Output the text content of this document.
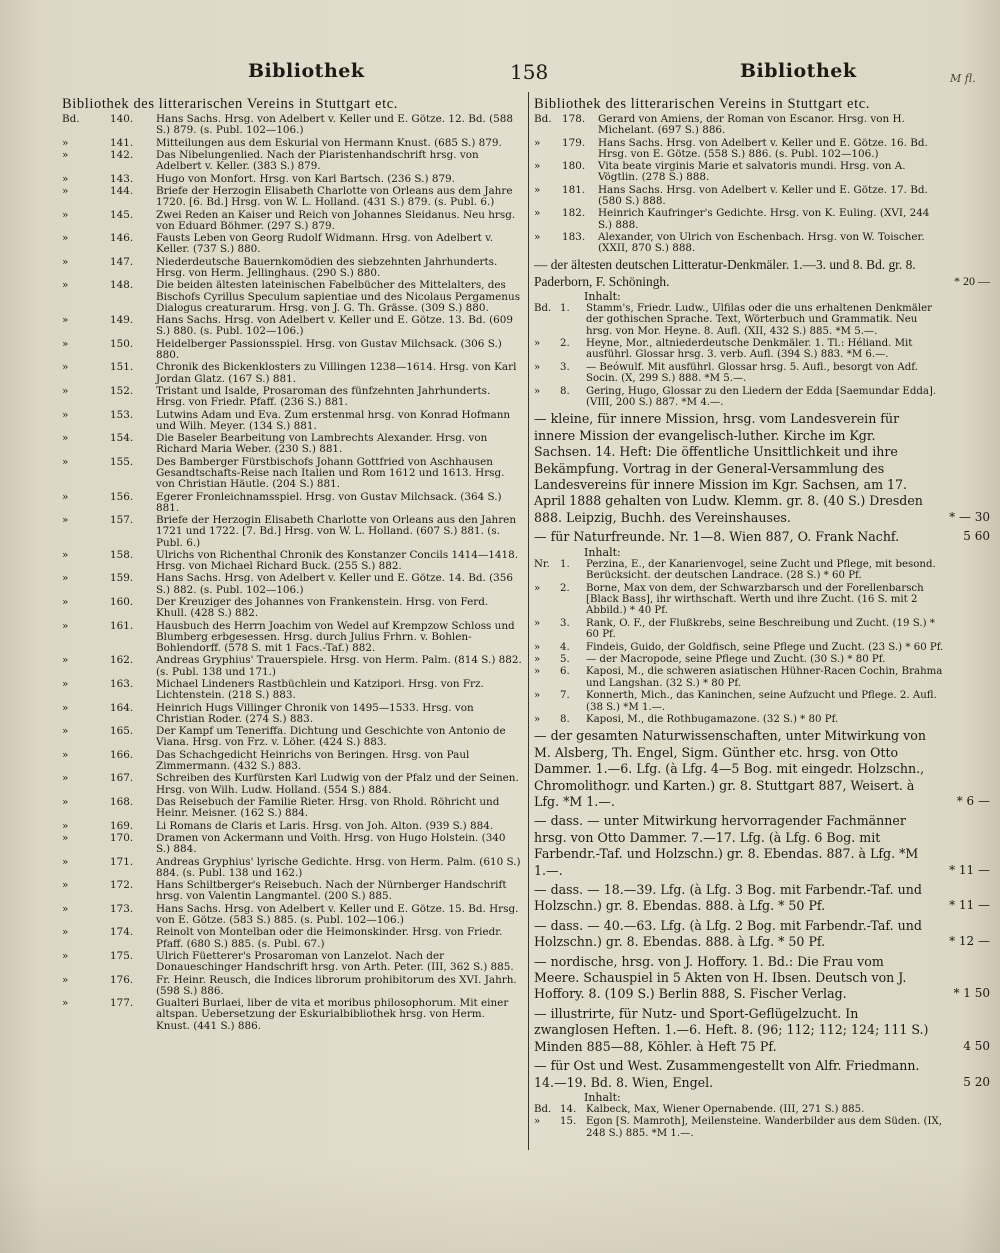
Bibliothek	158	Bibliothek	M fl.
Bibliothek des litterarischen Vereins in Stuttgart etc.
Bd.	140.	Hans Sachs. Hrsg. von Adelbert v. Keller und E. Götze. 12. Bd. (588 S.) 879. (s. Publ. 102—106.)
»	141.	Mitteilungen aus dem Eskurial von Hermann Knust. (685 S.) 879.
»	142.	Das Nibelungenlied. Nach der Piaristenhandschrift hrsg. von Adelbert v. Keller. (383 S.) 879.
»	143.	Hugo von Monfort. Hrsg. von Karl Bartsch. (236 S.) 879.
»	144.	Briefe der Herzogin Elisabeth Charlotte von Orleans aus dem Jahre 1720. [6. Bd.] Hrsg. von W. L. Holland. (431 S.) 879. (s. Publ. 6.)
»	145.	Zwei Reden an Kaiser und Reich von Johannes Sleidanus. Neu hrsg. von Eduard Böhmer. (297 S.) 879.
»	146.	Fausts Leben von Georg Rudolf Widmann. Hrsg. von Adelbert v. Keller. (737 S.) 880.
»	147.	Niederdeutsche Bauernkomödien des siebzehnten Jahrhunderts. Hrsg. von Herm. Jellinghaus. (290 S.) 880.
»	148.	Die beiden ältesten lateinischen Fabelbücher des Mittelalters, des Bischofs Cyrillus Speculum sapientiae und des Nicolaus Pergamenus Dialogus creaturarum. Hrsg. von J. G. Th. Grässe. (309 S.) 880.
»	149.	Hans Sachs. Hrsg. von Adelbert v. Keller und E. Götze. 13. Bd. (609 S.) 880. (s. Publ. 102—106.)
»	150.	Heidelberger Passionsspiel. Hrsg. von Gustav Milchsack. (306 S.) 880.
»	151.	Chronik des Bickenklosters zu Villingen 1238—1614. Hrsg. von Karl Jordan Glatz. (167 S.) 881.
»	152.	Tristant und Isalde, Prosaroman des fünfzehnten Jahrhunderts. Hrsg. von Friedr. Pfaff. (236 S.) 881.
»	153.	Lutwins Adam und Eva. Zum erstenmal hrsg. von Konrad Hofmann und Wilh. Meyer. (134 S.) 881.
»	154.	Die Baseler Bearbeitung von Lambrechts Alexander. Hrsg. von Richard Maria Weber. (230 S.) 881.
»	155.	Des Bamberger Fürstbischofs Johann Gottfried von Aschhausen Gesandtschafts-Reise nach Italien und Rom 1612 und 1613. Hrsg. von Christian Häutle. (204 S.) 881.
»	156.	Egerer Fronleichnamsspiel. Hrsg. von Gustav Milchsack. (364 S.) 881.
»	157.	Briefe der Herzogin Elisabeth Charlotte von Orleans aus den Jahren 1721 und 1722. [7. Bd.] Hrsg. von W. L. Holland. (607 S.) 881. (s. Publ. 6.)
»	158.	Ulrichs von Richenthal Chronik des Konstanzer Concils 1414—1418. Hrsg. von Michael Richard Buck. (255 S.) 882.
»	159.	Hans Sachs. Hrsg. von Adelbert v. Keller und E. Götze. 14. Bd. (356 S.) 882. (s. Publ. 102—106.)
»	160.	Der Kreuziger des Johannes von Frankenstein. Hrsg. von Ferd. Khull. (428 S.) 882.
»	161.	Hausbuch des Herrn Joachim von Wedel auf Krempzow Schloss und Blumberg erbgesessen. Hrsg. durch Julius Frhrn. v. Bohlen-Bohlendorff. (578 S. mit 1 Facs.-Taf.) 882.
»	162.	Andreas Gryphius' Trauerspiele. Hrsg. von Herm. Palm. (814 S.) 882. (s. Publ. 138 und 171.)
»	163.	Michael Lindeners Rastbüchlein und Katzipori. Hrsg. von Frz. Lichtenstein. (218 S.) 883.
»	164.	Heinrich Hugs Villinger Chronik von 1495—1533. Hrsg. von Christian Roder. (274 S.) 883.
»	165.	Der Kampf um Teneriffa. Dichtung und Geschichte von Antonio de Viana. Hrsg. von Frz. v. Löher. (424 S.) 883.
»	166.	Das Schachgedicht Heinrichs von Beringen. Hrsg. von Paul Zimmermann. (432 S.) 883.
»	167.	Schreiben des Kurfürsten Karl Ludwig von der Pfalz und der Seinen. Hrsg. von Wilh. Ludw. Holland. (554 S.) 884.
»	168.	Das Reisebuch der Familie Rieter. Hrsg. von Rhold. Röhricht und Heinr. Meisner. (162 S.) 884.
»	169.	Li Romans de Claris et Laris. Hrsg. von Joh. Alton. (939 S.) 884.
»	170.	Dramen von Ackermann und Voith. Hrsg. von Hugo Holstein. (340 S.) 884.
»	171.	Andreas Gryphius' lyrische Gedichte. Hrsg. von Herm. Palm. (610 S.) 884. (s. Publ. 138 und 162.)
»	172.	Hans Schiltberger's Reisebuch. Nach der Nürnberger Handschrift hrsg. von Valentin Langmantel. (200 S.) 885.
»	173.	Hans Sachs. Hrsg. von Adelbert v. Keller und E. Götze. 15. Bd. Hrsg. von E. Götze. (583 S.) 885. (s. Publ. 102—106.)
»	174.	Reinolt von Montelban oder die Heimonskinder. Hrsg. von Friedr. Pfaff. (680 S.) 885. (s. Publ. 67.)
»	175.	Ulrich Füetterer's Prosaroman von Lanzelot. Nach der Donaueschinger Handschrift hrsg. von Arth. Peter. (III, 362 S.) 885.
»	176.	Fr. Heinr. Reusch, die Indices librorum prohibitorum des XVI. Jahrh. (598 S.) 886.
»	177.	Gualteri Burlaei, liber de vita et moribus philosophorum. Mit einer altspan. Uebersetzung der Eskurialbibliothek hrsg. von Herm. Knust. (441 S.) 886.
Bibliothek des litterarischen Vereins in Stuttgart etc.
Bd.	178.	Gerard von Amiens, der Roman von Escanor. Hrsg. von H. Michelant. (697 S.) 886.
»	179.	Hans Sachs. Hrsg. von Adelbert v. Keller und E. Götze. 16. Bd. Hrsg. von E. Götze. (558 S.) 886. (s. Publ. 102—106.)
»	180.	Vita beate virginis Marie et salvatoris mundi. Hrsg. von A. Vögtlin. (278 S.) 888.
»	181.	Hans Sachs. Hrsg. von Adelbert v. Keller und E. Götze. 17. Bd. (580 S.) 888.
»	182.	Heinrich Kaufringer's Gedichte. Hrsg. von K. Euling. (XVI, 244 S.) 888.
»	183.	Alexander, von Ulrich von Eschenbach. Hrsg. von W. Toischer. (XXII, 870 S.) 888.
— der ältesten deutschen Litteratur-Denkmäler. 1.—3. und 8. Bd. gr. 8. Paderborn, F. Schöningh.	* 20 —
Inhalt:
Bd. 1.	Stamm's, Friedr. Ludw., Ulfilas oder die uns erhaltenen Denkmäler der gothischen Sprache. Text, Wörterbuch und Grammatik. Neu hrsg. von Mor. Heyne. 8. Aufl. (XII, 432 S.) 885. *M 5.—.
»	2.	Heyne, Mor., altniederdeutsche Denkmäler. 1. Tl.: Héliand. Mit ausführl. Glossar hrsg. 3. verb. Aufl. (394 S.) 883. *M 6.—.
»	3.	— Beówulf. Mit ausführl. Glossar hrsg. 5. Aufl., besorgt von Adf. Socin. (X, 299 S.) 888. *M 5.—.
»	8.	Gering, Hugo, Glossar zu den Liedern der Edda [Saemundar Edda]. (VIII, 200 S.) 887. *M 4.—.
— kleine, für innere Mission, hrsg. vom Landesverein für innere Mission der evangelisch-luther. Kirche im Kgr. Sachsen. 14. Heft: Die öffentliche Unsittlichkeit und ihre Bekämpfung. Vortrag in der General-Versammlung des Landesvereins für innere Mission im Kgr. Sachsen, am 17. April 1888 gehalten von Ludw. Klemm. gr. 8. (40 S.) Dresden 888. Leipzig, Buchh. des Vereinshauses.	* — 30
— für Naturfreunde. Nr. 1—8. Wien 887, O. Frank Nachf.	5 60
Inhalt:
Nr. 1.	Perzina, E., der Kanarienvogel, seine Zucht und Pflege, mit besond. Berücksicht. der deutschen Landrace. (28 S.) * 60 Pf.
»	2.	Borne, Max von dem, der Schwarzbarsch und der Forellenbarsch [Black Bass], ihr wirthschaft. Werth und ihre Zucht. (16 S. mit 2 Abbild.) * 40 Pf.
»	3.	Rank, O. F., der Flußkrebs, seine Beschreibung und Zucht. (19 S.) * 60 Pf.
»	4.	Findeis, Guido, der Goldfisch, seine Pflege und Zucht. (23 S.) * 60 Pf.
»	5.	— der Macropode, seine Pflege und Zucht. (30 S.) * 80 Pf.
»	6.	Kaposi, M., die schweren asiatischen Hühner-Racen Cochin, Brahma und Langshan. (32 S.) * 80 Pf.
»	7.	Konnerth, Mich., das Kaninchen, seine Aufzucht und Pflege. 2. Aufl. (38 S.) *M 1.—.
»	8.	Kaposi, M., die Rothbugamazone. (32 S.) * 80 Pf.
— der gesamten Naturwissenschaften, unter Mitwirkung von M. Alsberg, Th. Engel, Sigm. Günther etc. hrsg. von Otto Dammer. 1.—6. Lfg. (à Lfg. 4—5 Bog. mit eingedr. Holzschn., Chromolithogr. und Karten.) gr. 8. Stuttgart 887, Weisert. à Lfg. *M 1.—.	* 6 —
— dass. — unter Mitwirkung hervorragender Fachmänner hrsg. von Otto Dammer. 7.—17. Lfg. (à Lfg. 6 Bog. mit Farbendr.-Taf. und Holzschn.) gr. 8. Ebendas. 887. à Lfg. *M 1.—.	* 11 —
— dass. — 18.—39. Lfg. (à Lfg. 3 Bog. mit Farbendr.-Taf. und Holzschn.) gr. 8. Ebendas. 888. à Lfg. * 50 Pf.	* 11 —
— dass. — 40.—63. Lfg. (à Lfg. 2 Bog. mit Farbendr.-Taf. und Holzschn.) gr. 8. Ebendas. 888. à Lfg. * 50 Pf.	* 12 —
— nordische, hrsg. von J. Hoffory. 1. Bd.: Die Frau vom Meere. Schauspiel in 5 Akten von H. Ibsen. Deutsch von J. Hoffory. 8. (109 S.) Berlin 888, S. Fischer Verlag.	* 1 50
— illustrirte, für Nutz- und Sport-Geflügelzucht. In zwanglosen Heften. 1.—6. Heft. 8. (96; 112; 112; 124; 111 S.) Minden 885—88, Köhler. à Heft 75 Pf.	4 50
— für Ost und West. Zusammengestellt von Alfr. Friedmann. 14.—19. Bd. 8. Wien, Engel.	5 20
Inhalt:
Bd. 14. Kalbeck, Max, Wiener Opernabende. (III, 271 S.) 885.
»	15. Egon [S. Mamroth], Meilensteine. Wanderbilder aus dem Süden. (IX, 248 S.) 885. *M 1.—.
